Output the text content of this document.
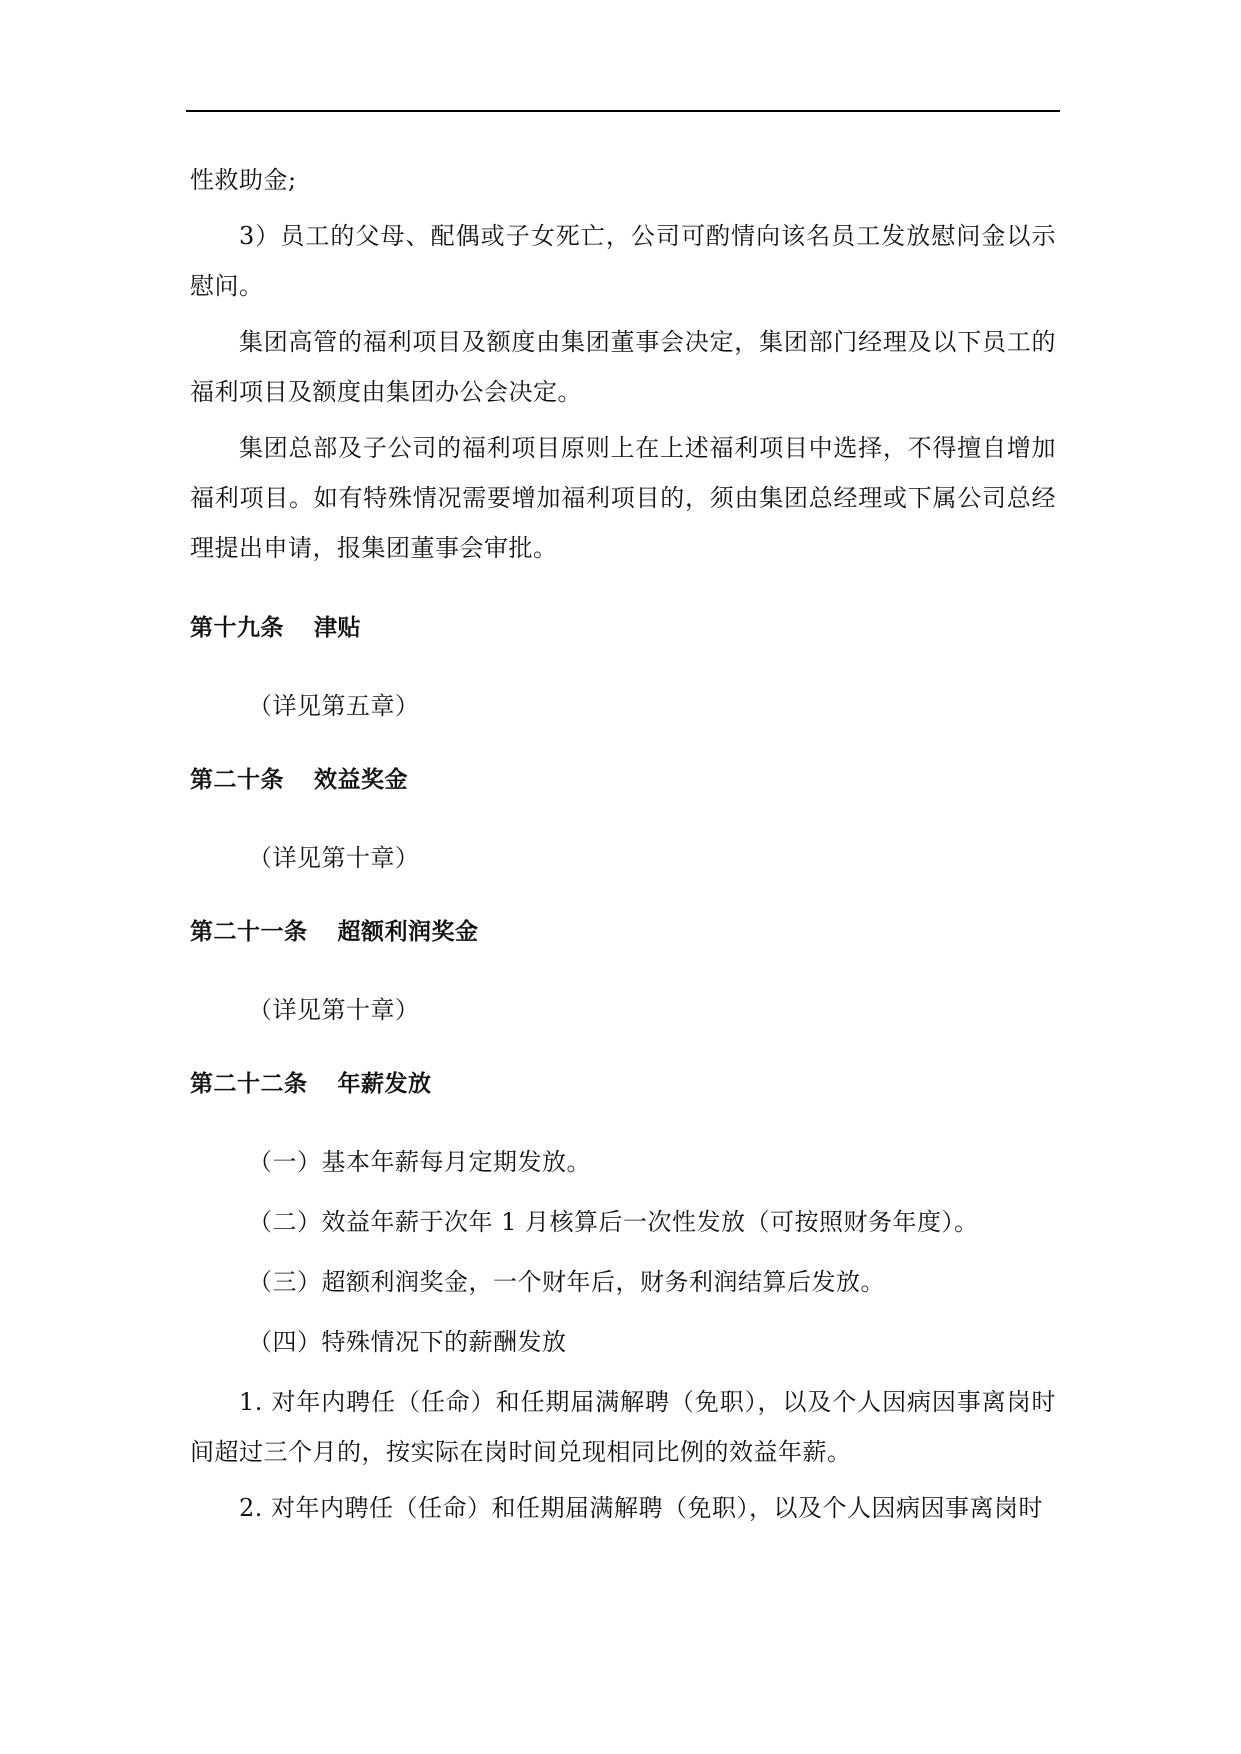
性救助金;

3）员工的父母、配偶或子女死亡，公司可酌情向该名员工发放慰问金以示慰问。

集团高管的福利项目及额度由集团董事会决定，集团部门经理及以下员工的福利项目及额度由集团办公会决定。

集团总部及子公司的福利项目原则上在上述福利项目中选择，不得擅自增加福利项目。如有特殊情况需要增加福利项目的，须由集团总经理或下属公司总经理提出申请，报集团董事会审批。

第十九条 津贴

（详见第五章）

第二十条 效益奖金

（详见第十章）

第二十一条 超额利润奖金

（详见第十章）

第二十二条 年薪发放

（一）基本年薪每月定期发放。

（二）效益年薪于次年 1 月核算后一次性发放（可按照财务年度）。

（三）超额利润奖金，一个财年后，财务利润结算后发放。

（四）特殊情况下的薪酬发放

1. 对年内聘任（任命）和任期届满解聘（免职），以及个人因病因事离岗时间超过三个月的，按实际在岗时间兑现相同比例的效益年薪。

2. 对年内聘任（任命）和任期届满解聘（免职），以及个人因病因事离岗时
